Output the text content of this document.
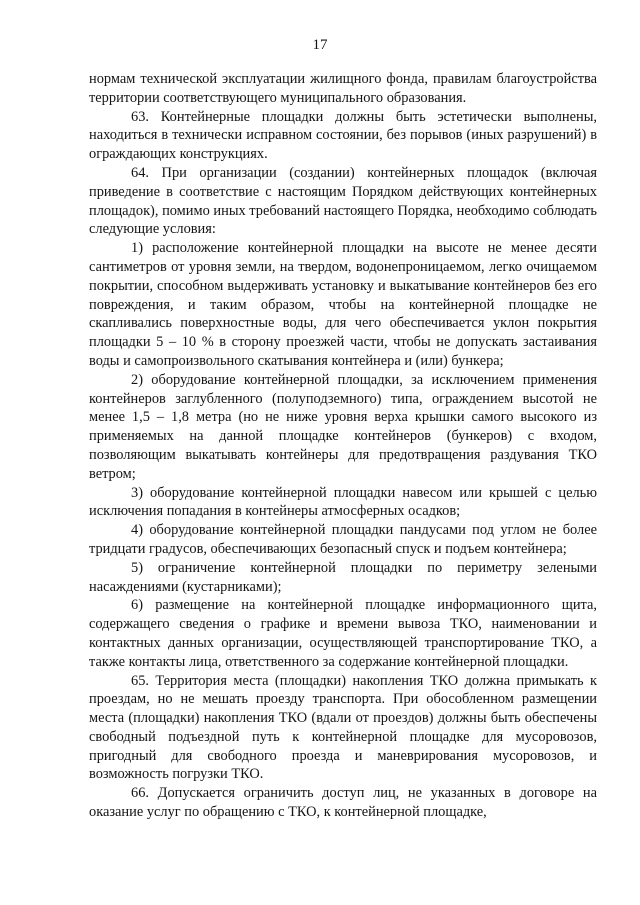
17

нормам технической эксплуатации жилищного фонда, правилам благоустройства территории соответствующего муниципального образования.

63. Контейнерные площадки должны быть эстетически выполнены, находиться в технически исправном состоянии, без порывов (иных разрушений) в ограждающих конструкциях.

64. При организации (создании) контейнерных площадок (включая приведение в соответствие с настоящим Порядком действующих контейнерных площадок), помимо иных требований настоящего Порядка, необходимо соблюдать следующие условия:

1) расположение контейнерной площадки на высоте не менее десяти сантиметров от уровня земли, на твердом, водонепроницаемом, легко очищаемом покрытии, способном выдерживать установку и выкатывание контейнеров без его повреждения, и таким образом, чтобы на контейнерной площадке не скапливались поверхностные воды, для чего обеспечивается уклон покрытия площадки 5 – 10 % в сторону проезжей части, чтобы не допускать застаивания воды и самопроизвольного скатывания контейнера и (или) бункера;

2) оборудование контейнерной площадки, за исключением применения контейнеров заглубленного (полуподземного) типа, ограждением высотой не менее 1,5 – 1,8 метра (но не ниже уровня верха крышки самого высокого из применяемых на данной площадке контейнеров (бункеров) с входом, позволяющим выкатывать контейнеры для предотвращения раздувания ТКО ветром;

3) оборудование контейнерной площадки навесом или крышей с целью исключения попадания в контейнеры атмосферных осадков;

4) оборудование контейнерной площадки пандусами под углом не более тридцати градусов, обеспечивающих безопасный спуск и подъем контейнера;

5) ограничение контейнерной площадки по периметру зелеными насаждениями (кустарниками);

6) размещение на контейнерной площадке информационного щита, содержащего сведения о графике и времени вывоза ТКО, наименовании и контактных данных организации, осуществляющей транспортирование ТКО, а также контакты лица, ответственного за содержание контейнерной площадки.

65. Территория места (площадки) накопления ТКО должна примыкать к проездам, но не мешать проезду транспорта. При обособленном размещении места (площадки) накопления ТКО (вдали от проездов) должны быть обеспечены свободный подъездной путь к контейнерной площадке для мусоровозов, пригодный для свободного проезда и маневрирования мусоровозов, и возможность погрузки ТКО.

66. Допускается ограничить доступ лиц, не указанных в договоре на оказание услуг по обращению с ТКО, к контейнерной площадке,
